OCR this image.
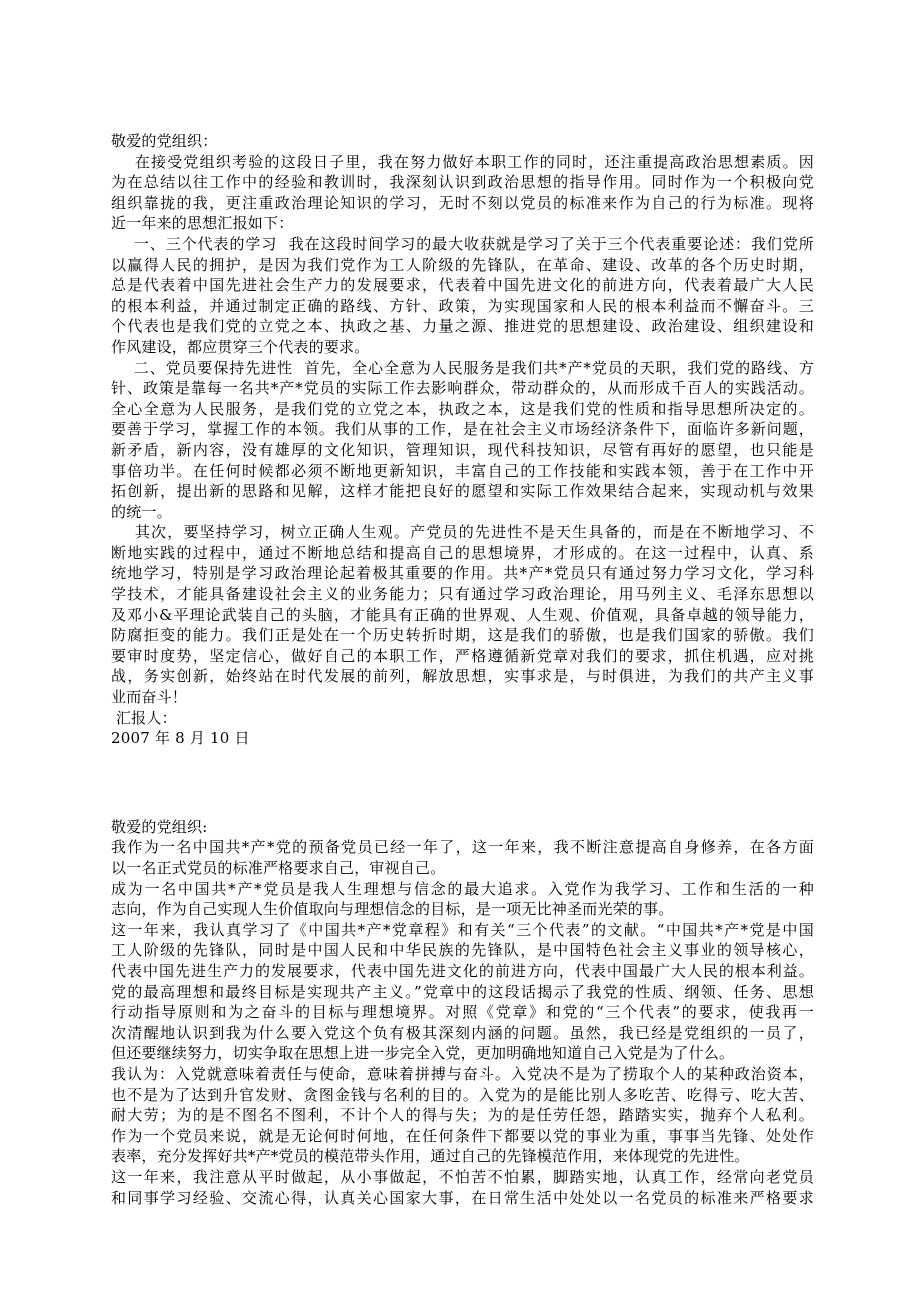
敬爱的党组织：
在接受党组织考验的这段日子里，我在努力做好本职工作的同时，还注重提高政治思想素质。因
为在总结以往工作中的经验和教训时，我深刻认识到政治思想的指导作用。同时作为一个积极向党
组织靠拢的我，更注重政治理论知识的学习，无时不刻以党员的标准来作为自己的行为标准。现将
近一年来的思想汇报如下：
一、三个代表的学习  我在这段时间学习的最大收获就是学习了关于三个代表重要论述：我们党所
以赢得人民的拥护，是因为我们党作为工人阶级的先锋队，在革命、建设、改革的各个历史时期，
总是代表着中国先进社会生产力的发展要求，代表着中国先进文化的前进方向，代表着最广大人民
的根本利益，并通过制定正确的路线、方针、政策，为实现国家和人民的根本利益而不懈奋斗。三
个代表也是我们党的立党之本、执政之基、力量之源、推进党的思想建设、政治建设、组织建设和
作风建设，都应贯穿三个代表的要求。
二、党员要保持先进性  首先，全心全意为人民服务是我们共*产*党员的天职，我们党的路线、方
针、政策是靠每一名共*产*党员的实际工作去影响群众，带动群众的，从而形成千百人的实践活动。
全心全意为人民服务，是我们党的立党之本，执政之本，这是我们党的性质和指导思想所决定的。
要善于学习，掌握工作的本领。我们从事的工作，是在社会主义市场经济条件下，面临许多新问题，
新矛盾，新内容，没有雄厚的文化知识，管理知识，现代科技知识，尽管有再好的愿望，也只能是
事倍功半。在任何时候都必须不断地更新知识，丰富自己的工作技能和实践本领，善于在工作中开
拓创新，提出新的思路和见解，这样才能把良好的愿望和实际工作效果结合起来，实现动机与效果
的统一。
其次，要坚持学习，树立正确人生观。产党员的先进性不是天生具备的，而是在不断地学习、不
断地实践的过程中，通过不断地总结和提高自己的思想境界，才形成的。在这一过程中，认真、系
统地学习，特别是学习政治理论起着极其重要的作用。共*产*党员只有通过努力学习文化，学习科
学技术，才能具备建设社会主义的业务能力；只有通过学习政治理论，用马列主义、毛泽东思想以
及邓小&平理论武装自己的头脑，才能具有正确的世界观、人生观、价值观，具备卓越的领导能力，
防腐拒变的能力。我们正是处在一个历史转折时期，这是我们的骄傲，也是我们国家的骄傲。我们
要审时度势，坚定信心，做好自己的本职工作，严格遵循新党章对我们的要求，抓住机遇，应对挑
战，务实创新，始终站在时代发展的前列，解放思想，实事求是，与时俱进，为我们的共产主义事
业而奋斗！
汇报人：
2007 年 8 月 10 日
敬爱的党组织:
我作为一名中国共*产*党的预备党员已经一年了，这一年来，我不断注意提高自身修养，在各方面
以一名正式党员的标准严格要求自己，审视自己。
成为一名中国共*产*党员是我人生理想与信念的最大追求。入党作为我学习、工作和生活的一种
志向，作为自己实现人生价值取向与理想信念的目标，是一项无比神圣而光荣的事。
这一年来，我认真学习了《中国共*产*党章程》和有关“三个代表”的文献。“中国共*产*党是中国
工人阶级的先锋队，同时是中国人民和中华民族的先锋队，是中国特色社会主义事业的领导核心，
代表中国先进生产力的发展要求，代表中国先进文化的前进方向，代表中国最广大人民的根本利益。
党的最高理想和最终目标是实现共产主义。”党章中的这段话揭示了我党的性质、纲领、任务、思想
行动指导原则和为之奋斗的目标与理想境界。对照《党章》和党的“三个代表”的要求，使我再一
次清醒地认识到我为什么要入党这个负有极其深刻内涵的问题。虽然，我已经是党组织的一员了，
但还要继续努力，切实争取在思想上进一步完全入党，更加明确地知道自己入党是为了什么。
我认为：入党就意味着责任与使命，意味着拼搏与奋斗。入党决不是为了捞取个人的某种政治资本，
也不是为了达到升官发财、贪图金钱与名利的目的。入党为的是能比别人多吃苦、吃得亏、吃大苦、
耐大劳；为的是不图名不图利，不计个人的得与失；为的是任劳任怨，踏踏实实，抛弃个人私利。
作为一个党员来说，就是无论何时何地，在任何条件下都要以党的事业为重，事事当先锋、处处作
表率，充分发挥好共*产*党员的模范带头作用，通过自己的先锋模范作用，来体现党的先进性。
这一年来，我注意从平时做起，从小事做起，不怕苦不怕累，脚踏实地，认真工作，经常向老党员
和同事学习经验、交流心得，认真关心国家大事，在日常生活中处处以一名党员的标准来严格要求
